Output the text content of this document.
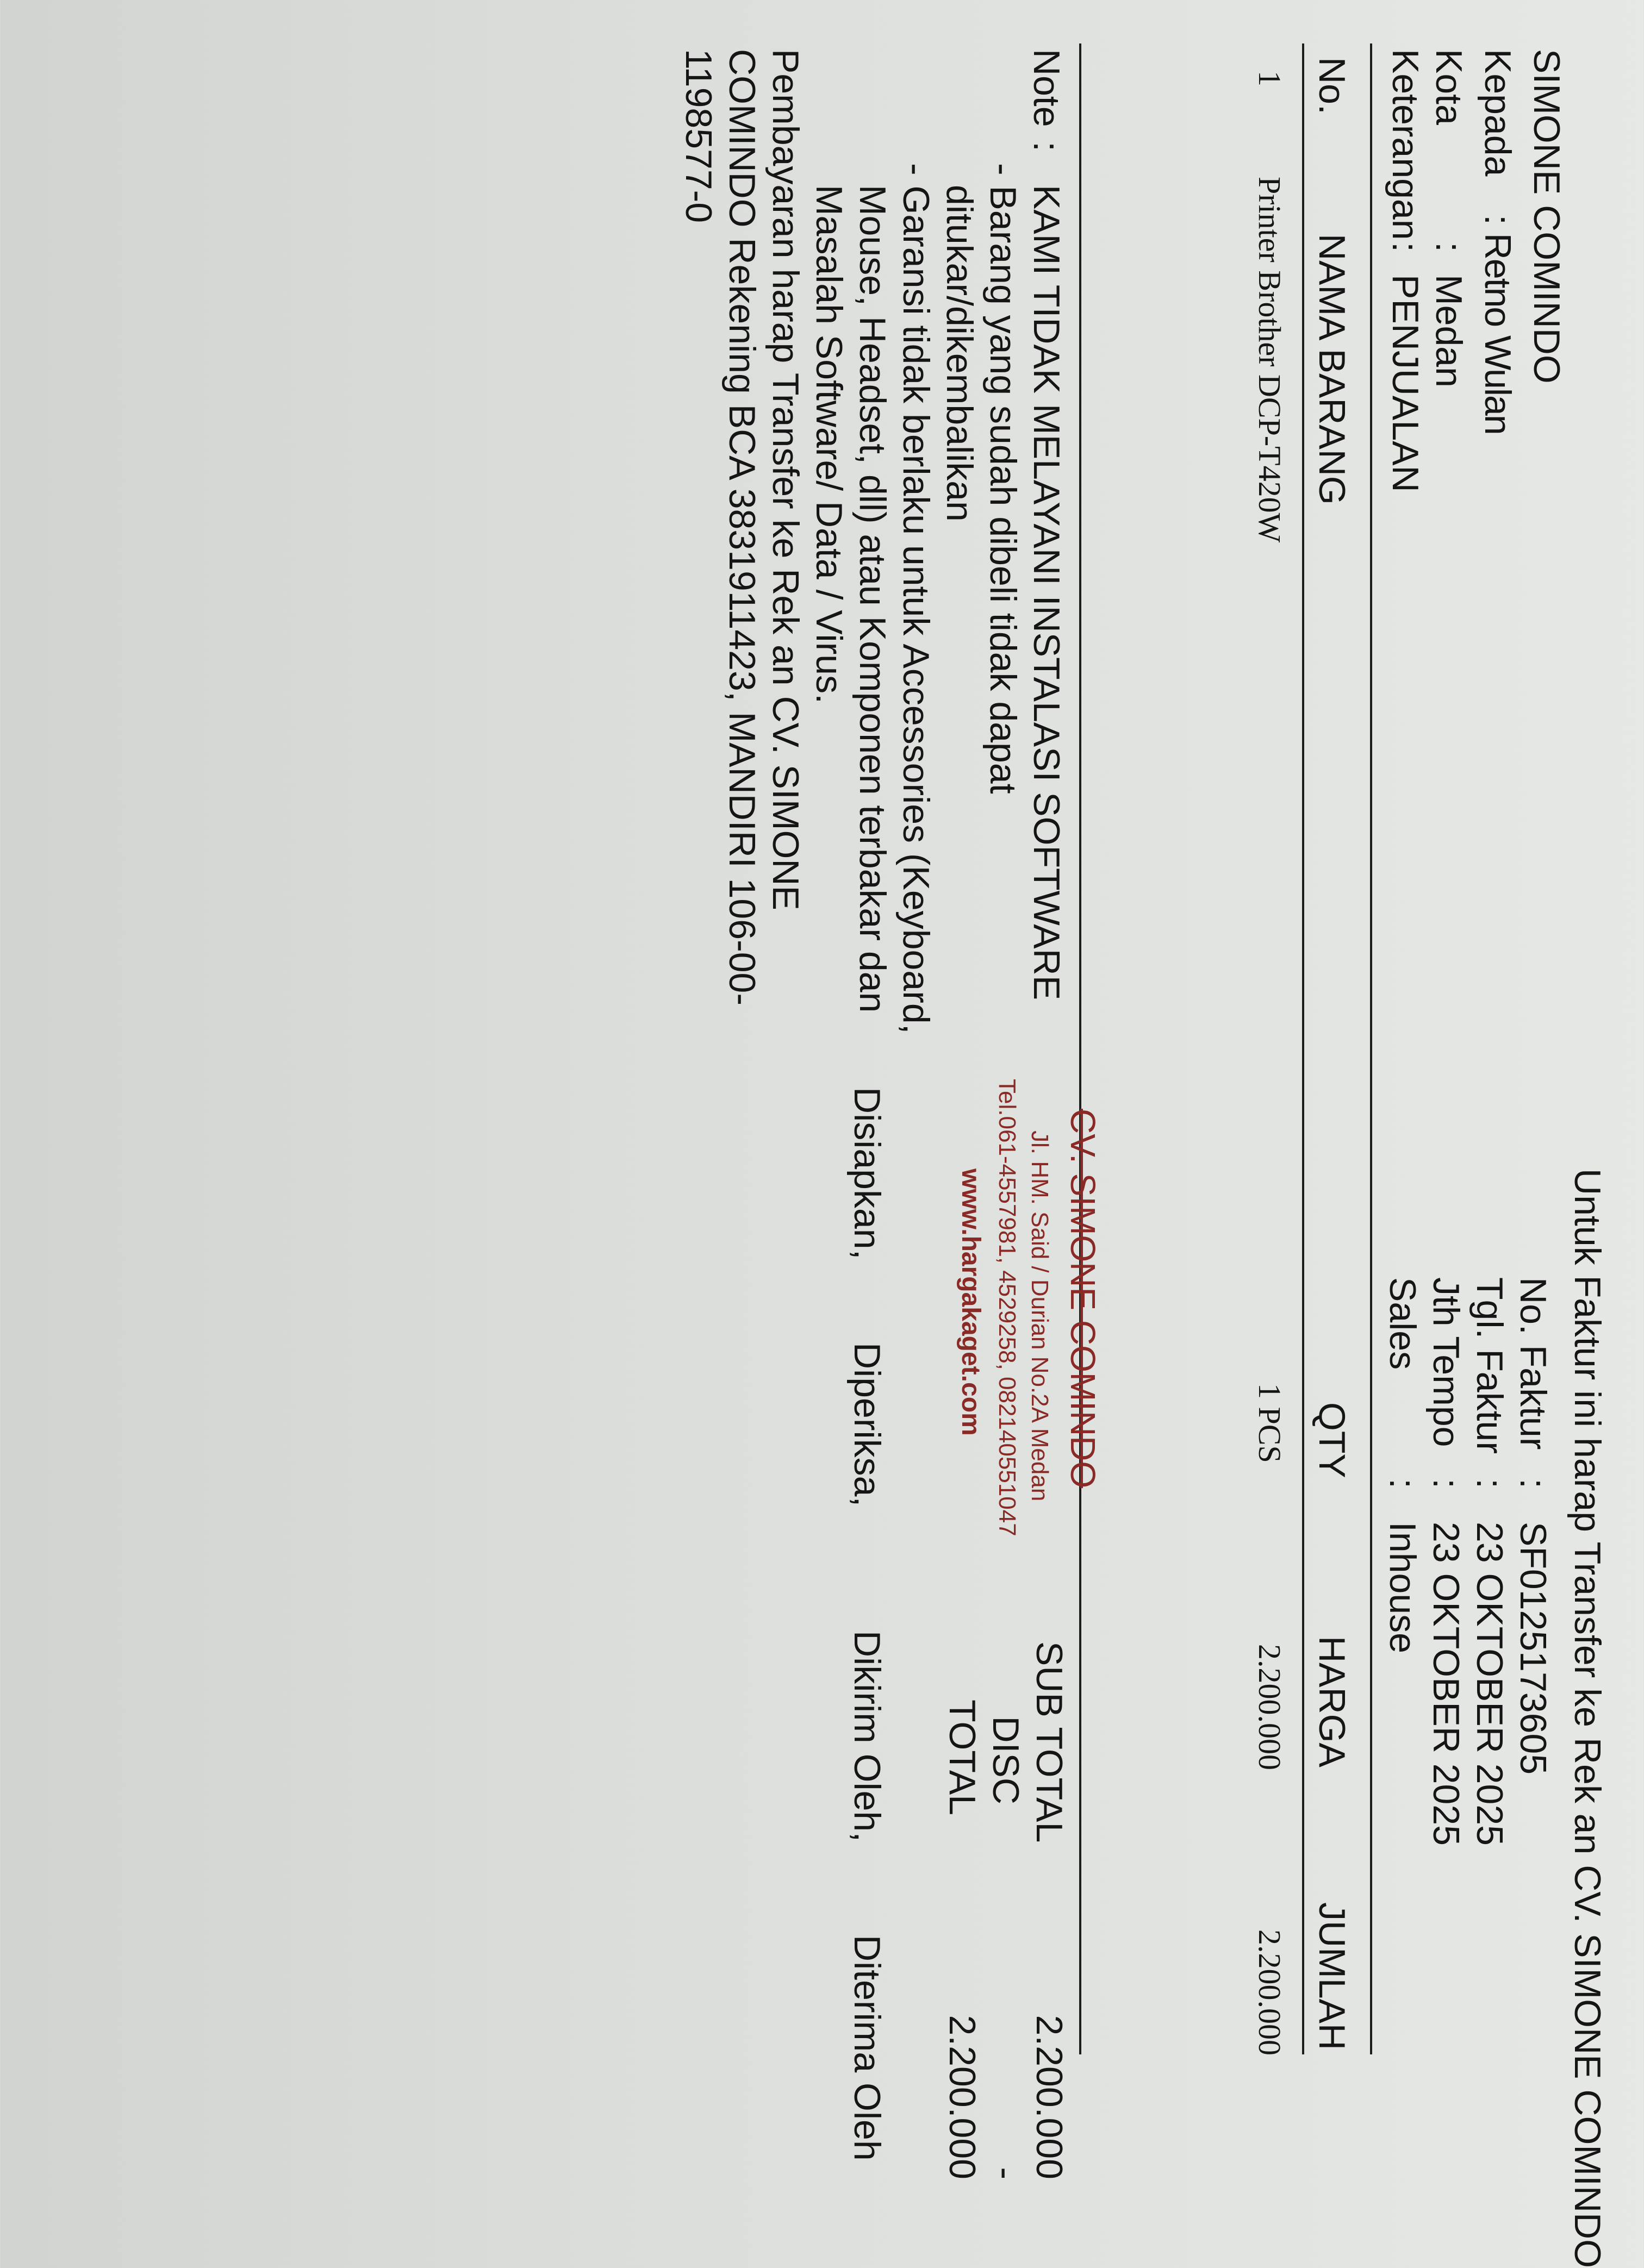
SIMONE COMINDO
Untuk Faktur ini harap Transfer ke Rek an CV. SIMONE COMINDO
Kepada
: Retno Wulan
Kota
:
Medan
Keterangan
:
PENJUALAN
No. Faktur
:
SF0125173605
Tgl. Faktur
:
23 OKTOBER 2025
Jth Tempo
:
23 OKTOBER 2025
Sales
:
Inhouse
No.
NAMA BARANG
QTY
HARGA
JUMLAH
1
Printer Brother DCP-T420W
1 PCS
2.200.000
2.200.000
SUB TOTAL
2.200.000
DISC
-
TOTAL
2.200.000
Note
:
KAMI TIDAK MELAYANI INSTALASI SOFTWARE
- Barang yang sudah dibeli tidak dapat
ditukar/dikembalikan
- Garansi tidak berlaku untuk Accessories (Keyboard,
Mouse, Headset, dll) atau Komponen terbakar dan
Masalah Software/ Data / Virus.
Pembayaran harap Transfer ke Rek an CV. SIMONE
COMINDO Rekening BCA 3831911423, MANDIRI 106-00-
1198577-0
CV. SIMONE COMINDO
Jl. HM. Said / Durian No.2A Medan
Tel.061-4557981, 4529258, 082140551047
www.hargakaget.com
Disiapkan,
Diperiksa,
Dikirim Oleh,
Diterima Oleh
